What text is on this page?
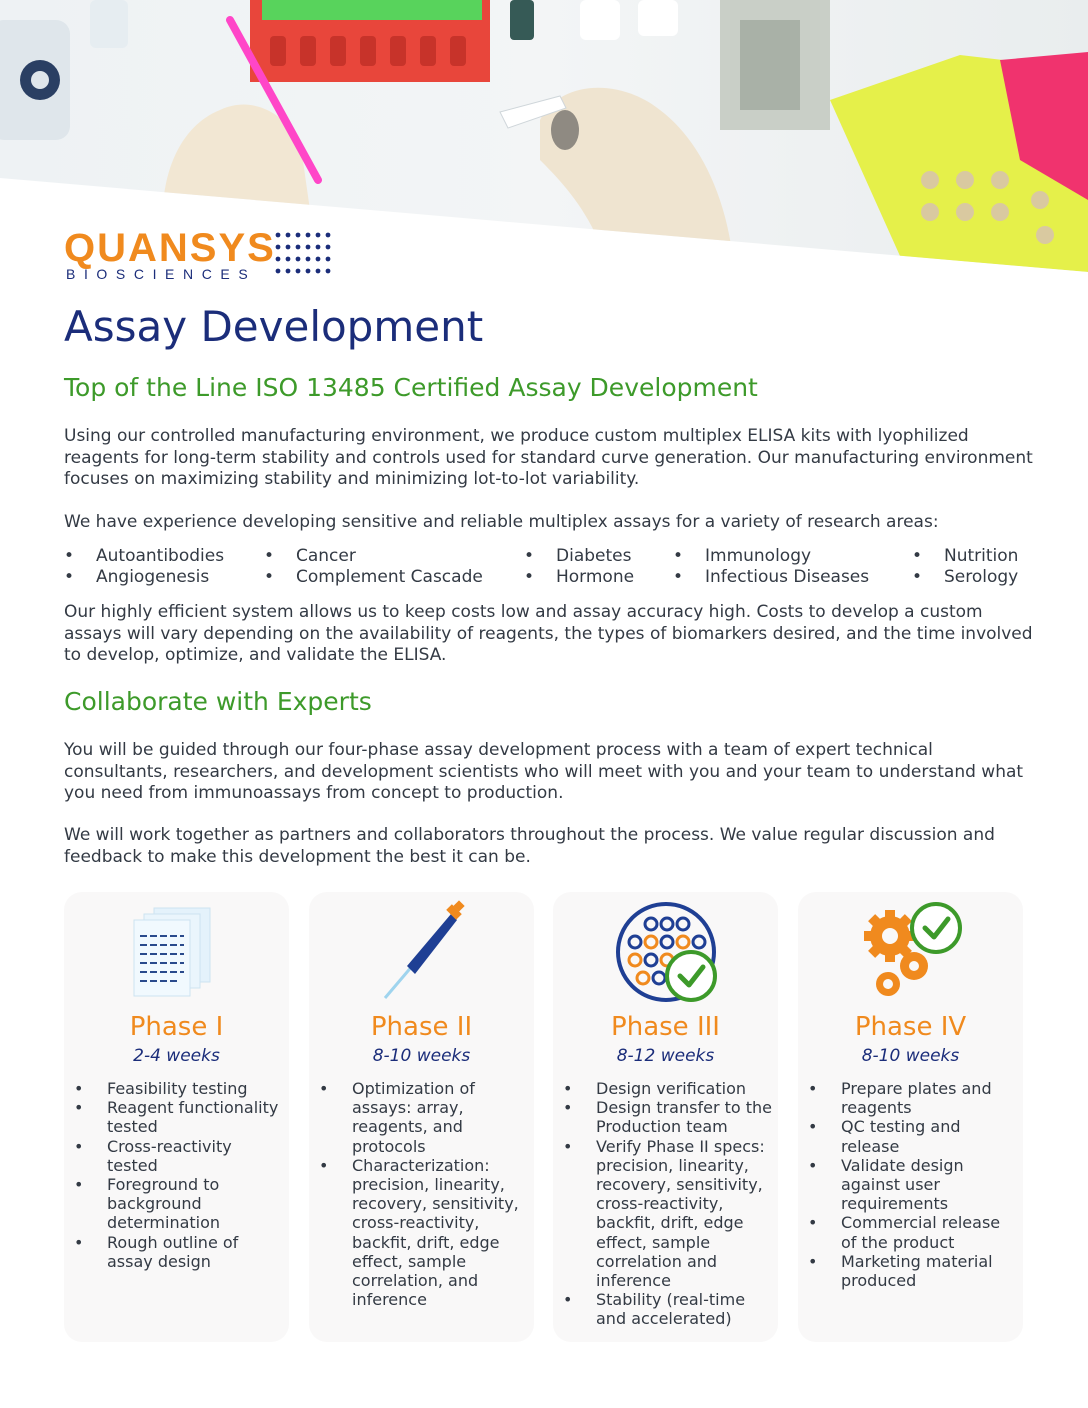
QUANSYS
BIOSCIENCES
Assay Development
Top of the Line ISO 13485 Certified Assay Development

Using our controlled manufacturing environment, we produce custom multiplex ELISA kits with lyophilized reagents for long-term stability and controls used for standard curve generation. Our manufacturing environment focuses on maximizing stability and minimizing lot-to-lot variability.

We have experience developing sensitive and reliable multiplex assays for a variety of research areas:

• Autoantibodies
• Angiogenesis
• Cancer
• Complement Cascade
• Diabetes
• Hormone
• Immunology
• Infectious Diseases
• Nutrition
• Serology

Our highly efficient system allows us to keep costs low and assay accuracy high. Costs to develop a custom assays will vary depending on the availability of reagents, the types of biomarkers desired, and the time involved to develop, optimize, and validate the ELISA.

Collaborate with Experts

You will be guided through our four-phase assay development process with a team of expert technical consultants, researchers, and development scientists who will meet with you and your team to understand what you need from immunoassays from concept to production.

We will work together as partners and collaborators throughout the process. We value regular discussion and feedback to make this development the best it can be.

Phase I
2-4 weeks
• Feasibility testing
• Reagent functionality tested
• Cross-reactivity tested
• Foreground to background determination
• Rough outline of assay design
Phase II
8-10 weeks
• Optimization of assays: array, reagents, and protocols
• Characterization: precision, linearity, recovery, sensitivity, cross-reactivity, backfit, drift, edge effect, sample correlation, and inference
Phase III
8-12 weeks
• Design verification
• Design transfer to the Production team
• Verify Phase II specs: precision, linearity, recovery, sensitivity, cross-reactivity, backfit, drift, edge effect, sample correlation and inference
• Stability (real-time and accelerated)
Phase IV
8-10 weeks
• Prepare plates and reagents
• QC testing and release
• Validate design against user requirements
• Commercial release of the product
• Marketing material produced
